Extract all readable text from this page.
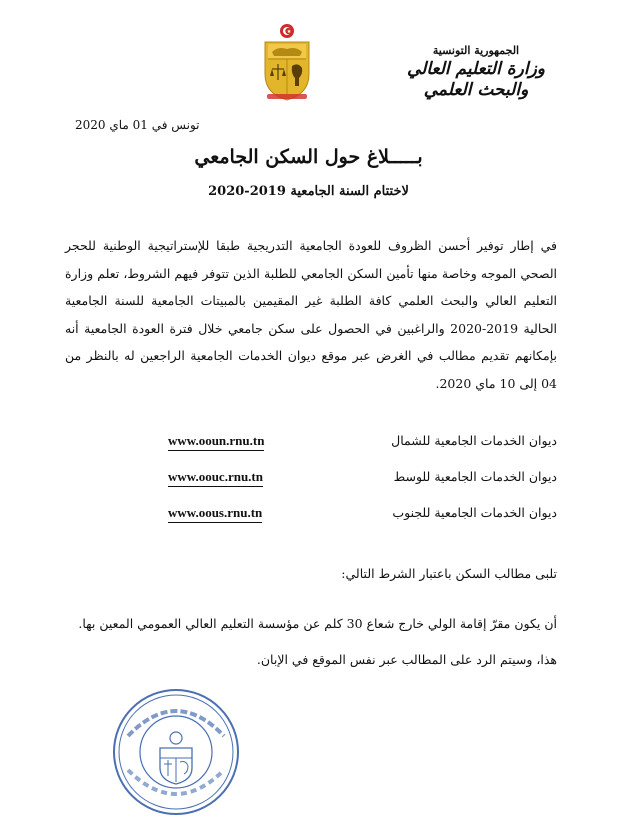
الجمهورية التونسية
وزارة التعليم العالي
والبحث العلمي
تونس في 01 ماي 2020
بـــــلاغ حول السكن الجامعي
لاختتام السنة الجامعية 2019-2020
في إطار توفير أحسن الظروف للعودة الجامعية التدريجية طبقا للإستراتيجية الوطنية للحجر الصحي الموجه وخاصة منها تأمين السكن الجامعي للطلبة الذين تتوفر فيهم الشروط، تعلم وزارة التعليم العالي والبحث العلمي كافة الطلبة غير المقيمين بالمبيتات الجامعية للسنة الجامعية الحالية 2019-2020 والراغبين في الحصول على سكن جامعي خلال فترة العودة الجامعية أنه بإمكانهم تقديم مطالب في الغرض عبر موقع ديوان الخدمات الجامعية الراجعين له بالنظر من 04 إلى 10 ماي 2020.
ديوان الخدمات الجامعية للشمال
www.ooun.rnu.tn
ديوان الخدمات الجامعية للوسط
www.oouc.rnu.tn
ديوان الخدمات الجامعية للجنوب
www.oous.rnu.tn
تلبى مطالب السكن باعتبار الشرط التالي:
أن يكون مقرّ إقامة الولي خارج شعاع 30 كلم عن مؤسسة التعليم العالي العمومي المعين بها.
هذا، وسيتم الرد على المطالب عبر نفس الموقع في الإبان.
